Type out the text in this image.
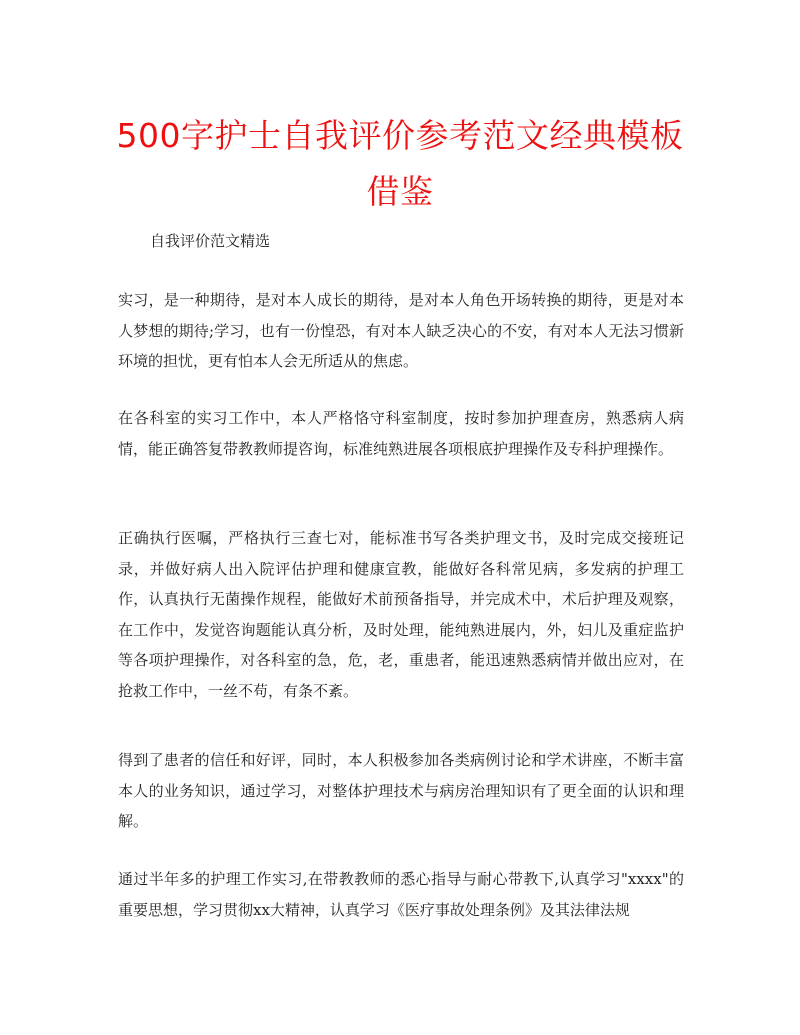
500字护士自我评价参考范文经典模板借鉴

自我评价范文精选

实习，是一种期待，是对本人成长的期待，是对本人角色开场转换的期待，更是对本人梦想的期待;学习，也有一份惶恐，有对本人缺乏决心的不安，有对本人无法习惯新环境的担忧，更有怕本人会无所适从的焦虑。

在各科室的实习工作中，本人严格恪守科室制度，按时参加护理查房，熟悉病人病情，能正确答复带教教师提咨询，标准纯熟进展各项根底护理操作及专科护理操作。

正确执行医嘱，严格执行三查七对，能标准书写各类护理文书，及时完成交接班记录，并做好病人出入院评估护理和健康宣教，能做好各科常见病，多发病的护理工作，认真执行无菌操作规程，能做好术前预备指导，并完成术中，术后护理及观察，在工作中，发觉咨询题能认真分析，及时处理，能纯熟进展内，外，妇儿及重症监护等各项护理操作，对各科室的急，危，老，重患者，能迅速熟悉病情并做出应对，在抢救工作中，一丝不苟，有条不紊。

得到了患者的信任和好评，同时，本人积极参加各类病例讨论和学术讲座，不断丰富本人的业务知识，通过学习，对整体护理技术与病房治理知识有了更全面的认识和理解。

通过半年多的护理工作实习,在带教教师的悉心指导与耐心带教下,认真学习"xxxx"的重要思想，学习贯彻xx大精神，认真学习《医疗事故处理条例》及其法律法规
